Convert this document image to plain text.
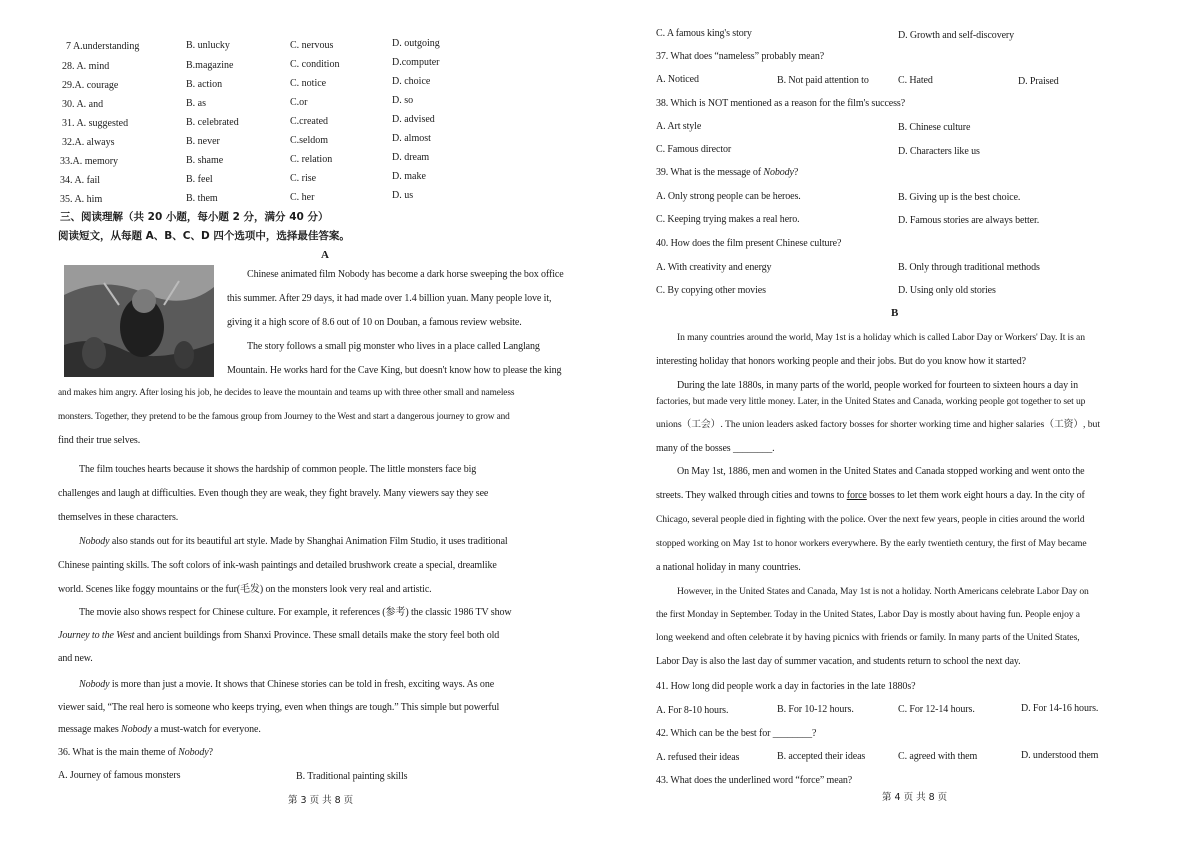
7 A.understanding	B. unlucky	C. nervous	D. outgoing
28. A. mind	B.magazine	C. condition	D.computer
29.A. courage	B. action	C. notice	D. choice
30. A. and	B. as	C.or	D. so
31. A. suggested	B. celebrated	C.created	D. advised
32.A. always	B. never	C.seldom	D. almost
33.A. memory	B. shame	C. relation	D. dream
34. A. fail	B. feel	C. rise	D. make
35. A. him	B. them	C. her	D. us
三、阅读理解（共 20 小题，每小题 2 分，满分 40 分）
阅读短文，从每题 A、B、C、D 四个选项中，选择最佳答案。
A
Chinese animated film Nobody has become a dark horse sweeping the box office
this summer. After 29 days, it had made over 1.4 billion yuan. Many people love it,
giving it a high score of 8.6 out of 10 on Douban, a famous review website.
The story follows a small pig monster who lives in a place called Langlang
Mountain. He works hard for the Cave King, but doesn't know how to please the king
and makes him angry. After losing his job, he decides to leave the mountain and teams up with three other small and nameless
monsters. Together, they pretend to be the famous group from Journey to the West and start a dangerous journey to grow and
find their true selves.
The film touches hearts because it shows the hardship of common people. The little monsters face big
challenges and laugh at difficulties. Even though they are weak, they fight bravely. Many viewers say they see
themselves in these characters.
Nobody also stands out for its beautiful art style. Made by Shanghai Animation Film Studio, it uses traditional
Chinese painting skills. The soft colors of ink-wash paintings and detailed brushwork create a special, dreamlike
world. Scenes like foggy mountains or the fur(毛发) on the monsters look very real and artistic.
The movie also shows respect for Chinese culture. For example, it references (参考) the classic 1986 TV show
Journey to the West and ancient buildings from Shanxi Province. These small details make the story feel both old
and new.
Nobody is more than just a movie. It shows that Chinese stories can be told in fresh, exciting ways. As one
viewer said, “The real hero is someone who keeps trying, even when things are tough.” This simple but powerful
message makes Nobody a must-watch for everyone.
36. What is the main theme of Nobody?
A. Journey of famous monsters	B. Traditional painting skills
第 3 页 共 8 页
C. A famous king's story	D. Growth and self-discovery
37. What does “nameless” probably mean?
A. Noticed	B. Not paid attention to	C. Hated	D. Praised
38. Which is NOT mentioned as a reason for the film's success?
A. Art style	B. Chinese culture
C. Famous director	D. Characters like us
39. What is the message of Nobody?
A. Only strong people can be heroes.	B. Giving up is the best choice.
C. Keeping trying makes a real hero.	D. Famous stories are always better.
40. How does the film present Chinese culture?
A. With creativity and energy	B. Only through traditional methods
C. By copying other movies	D. Using only old stories
B
In many countries around the world, May 1st is a holiday which is called Labor Day or Workers' Day. It is an
interesting holiday that honors working people and their jobs. But do you know how it started?
During the late 1880s, in many parts of the world, people worked for fourteen to sixteen hours a day in
factories, but made very little money. Later, in the United States and Canada, working people got together to set up
unions（工会）. The union leaders asked factory bosses for shorter working time and higher salaries（工资）, but
many of the bosses ________.
On May 1st, 1886, men and women in the United States and Canada stopped working and went onto the
streets. They walked through cities and towns to force bosses to let them work eight hours a day. In the city of
Chicago, several people died in fighting with the police. Over the next few years, people in cities around the world
stopped working on May 1st to honor workers everywhere. By the early twentieth century, the first of May became
a national holiday in many countries.
However, in the United States and Canada, May 1st is not a holiday. North Americans celebrate Labor Day on
the first Monday in September. Today in the United States, Labor Day is mostly about having fun. People enjoy a
long weekend and often celebrate it by having picnics with friends or family. In many parts of the United States,
Labor Day is also the last day of summer vacation, and students return to school the next day.
41. How long did people work a day in factories in the late 1880s?
A. For 8-10 hours.	B. For 10-12 hours.	C. For 12-14 hours.	D. For 14-16 hours.
42. Which can be the best for ________?
A. refused their ideas	B. accepted their ideas	C. agreed with them	D. understood them
43. What does the underlined word “force” mean?
第 4 页 共 8 页
